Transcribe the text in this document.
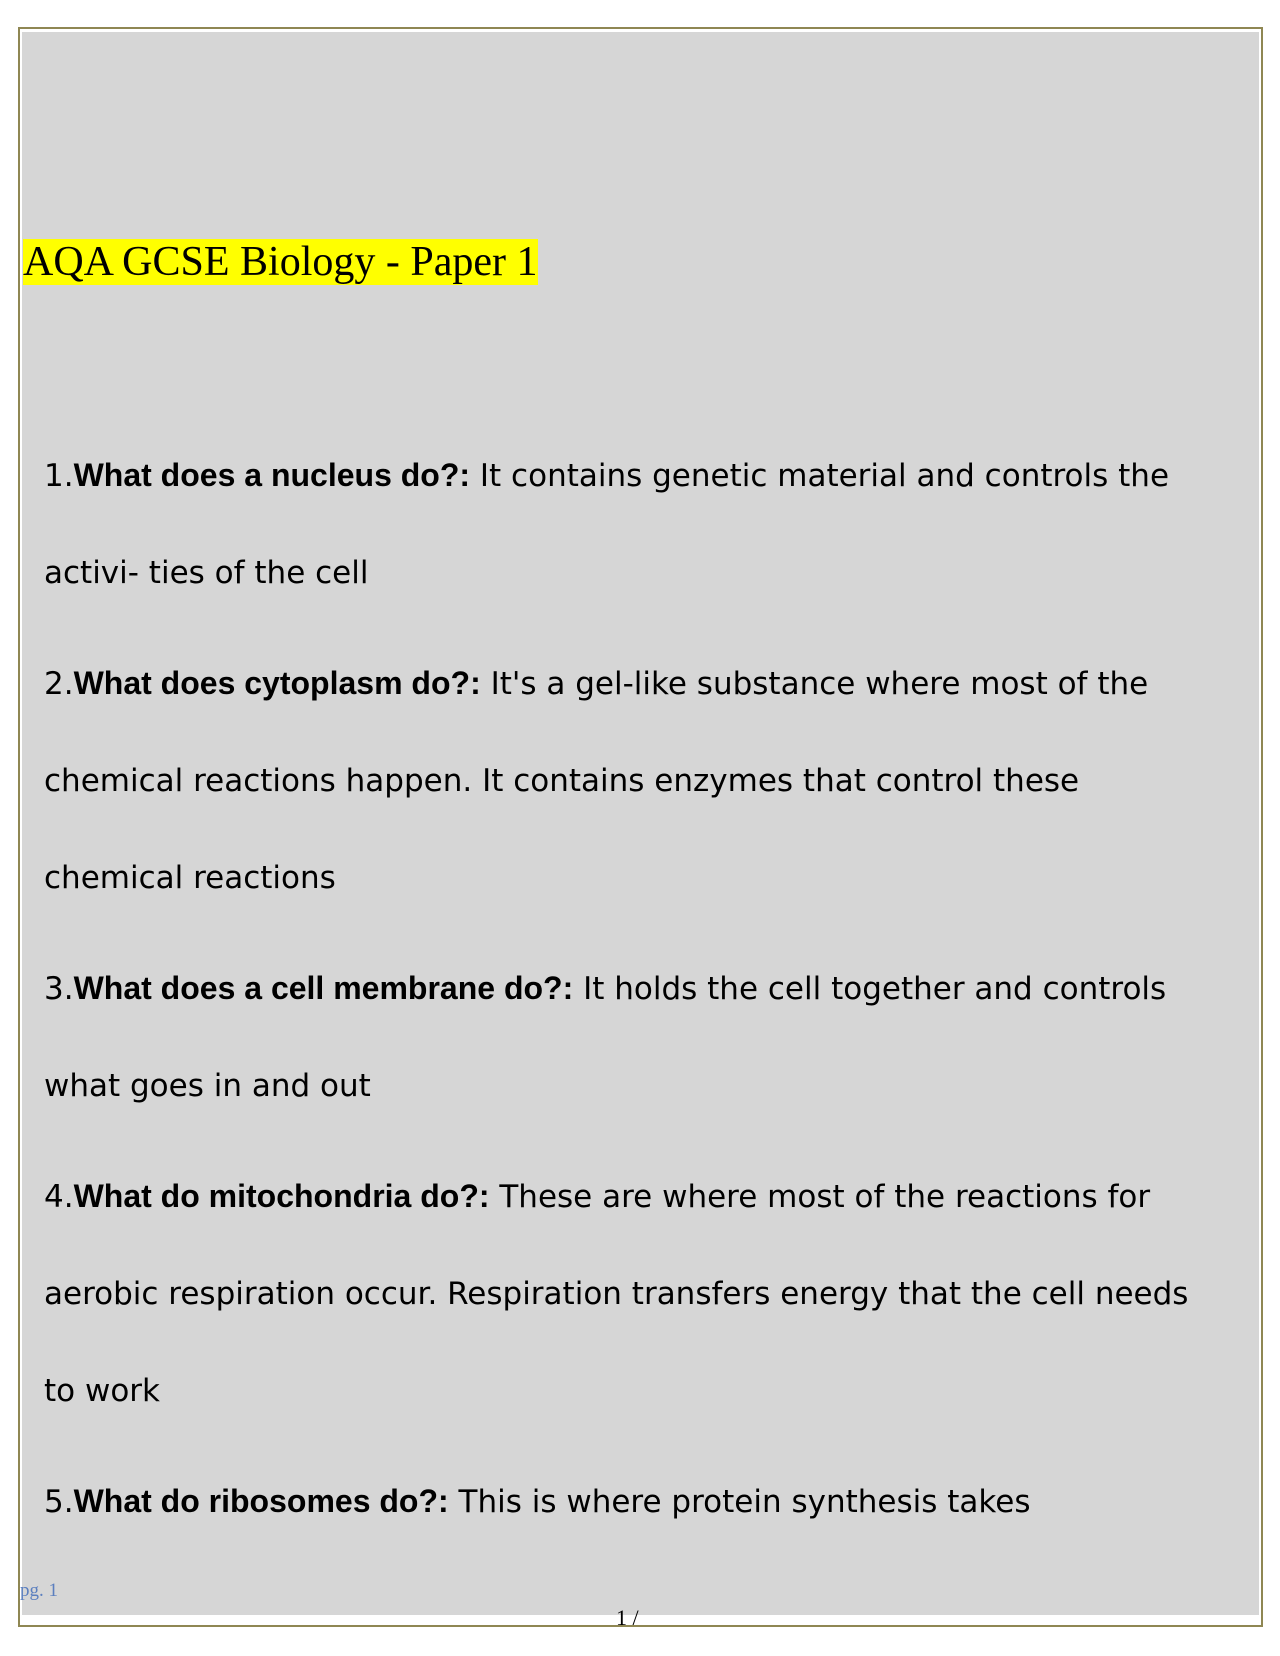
AQA GCSE Biology - Paper 1
1.What does a nucleus do?: It contains genetic material and controls the activi- ties of the cell
2.What does cytoplasm do?: It's a gel-like substance where most of the chemical reactions happen. It contains enzymes that control these chemical reactions
3.What does a cell membrane do?: It holds the cell together and controls what goes in and out
4.What do mitochondria do?: These are where most of the reactions for aerobic respiration occur. Respiration transfers energy that the cell needs to work
5.What do ribosomes do?: This is where protein synthesis takes
pg. 1
1 /
